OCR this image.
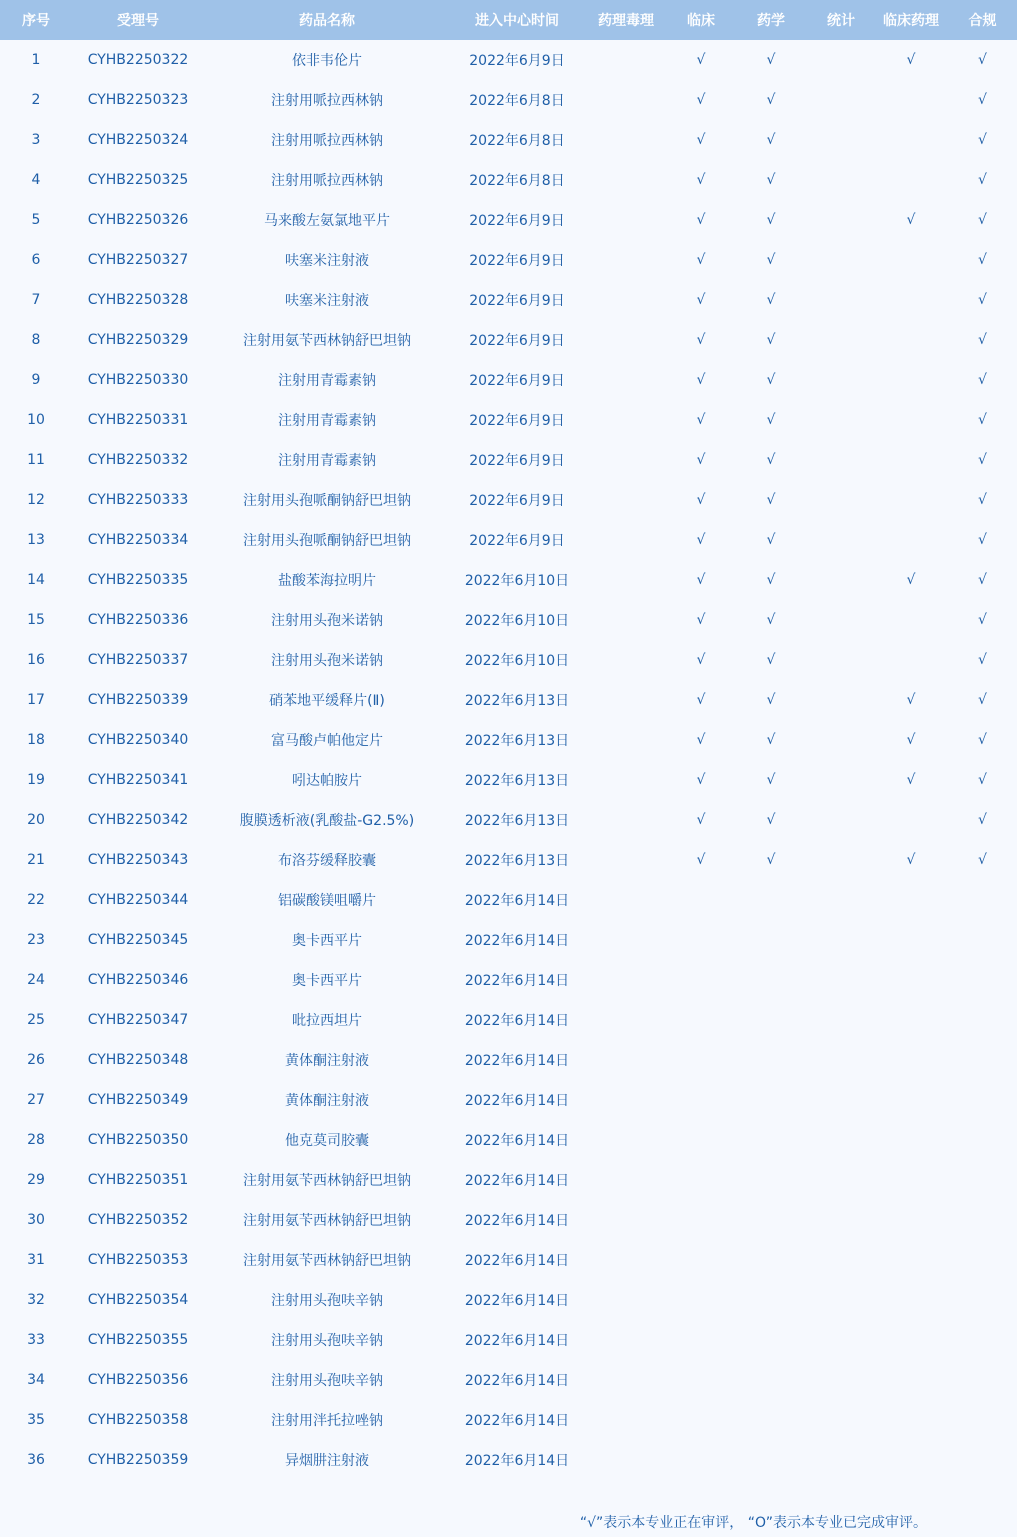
序号	受理号	药品名称	进入中心时间	药理毒理	临床	药学	统计	临床药理	合规
1	CYHB2250322	依非韦伦片	2022年6月9日		√	√		√	√
2	CYHB2250323	注射用哌拉西林钠	2022年6月8日		√	√			√
3	CYHB2250324	注射用哌拉西林钠	2022年6月8日		√	√			√
4	CYHB2250325	注射用哌拉西林钠	2022年6月8日		√	√			√
5	CYHB2250326	马来酸左氨氯地平片	2022年6月9日		√	√		√	√
6	CYHB2250327	呋塞米注射液	2022年6月9日		√	√			√
7	CYHB2250328	呋塞米注射液	2022年6月9日		√	√			√
8	CYHB2250329	注射用氨苄西林钠舒巴坦钠	2022年6月9日		√	√			√
9	CYHB2250330	注射用青霉素钠	2022年6月9日		√	√			√
10	CYHB2250331	注射用青霉素钠	2022年6月9日		√	√			√
11	CYHB2250332	注射用青霉素钠	2022年6月9日		√	√			√
12	CYHB2250333	注射用头孢哌酮钠舒巴坦钠	2022年6月9日		√	√			√
13	CYHB2250334	注射用头孢哌酮钠舒巴坦钠	2022年6月9日		√	√			√
14	CYHB2250335	盐酸苯海拉明片	2022年6月10日		√	√		√	√
15	CYHB2250336	注射用头孢米诺钠	2022年6月10日		√	√			√
16	CYHB2250337	注射用头孢米诺钠	2022年6月10日		√	√			√
17	CYHB2250339	硝苯地平缓释片(Ⅱ)	2022年6月13日		√	√		√	√
18	CYHB2250340	富马酸卢帕他定片	2022年6月13日		√	√		√	√
19	CYHB2250341	吲达帕胺片	2022年6月13日		√	√		√	√
20	CYHB2250342	腹膜透析液(乳酸盐-G2.5%)	2022年6月13日		√	√			√
21	CYHB2250343	布洛芬缓释胶囊	2022年6月13日		√	√		√	√
22	CYHB2250344	铝碳酸镁咀嚼片	2022年6月14日						
23	CYHB2250345	奥卡西平片	2022年6月14日						
24	CYHB2250346	奥卡西平片	2022年6月14日						
25	CYHB2250347	吡拉西坦片	2022年6月14日						
26	CYHB2250348	黄体酮注射液	2022年6月14日						
27	CYHB2250349	黄体酮注射液	2022年6月14日						
28	CYHB2250350	他克莫司胶囊	2022年6月14日						
29	CYHB2250351	注射用氨苄西林钠舒巴坦钠	2022年6月14日						
30	CYHB2250352	注射用氨苄西林钠舒巴坦钠	2022年6月14日						
31	CYHB2250353	注射用氨苄西林钠舒巴坦钠	2022年6月14日						
32	CYHB2250354	注射用头孢呋辛钠	2022年6月14日						
33	CYHB2250355	注射用头孢呋辛钠	2022年6月14日						
34	CYHB2250356	注射用头孢呋辛钠	2022年6月14日						
35	CYHB2250358	注射用泮托拉唑钠	2022年6月14日						
36	CYHB2250359	异烟肼注射液	2022年6月14日						
“√”表示本专业正在审评， “O”表示本专业已完成审评。
